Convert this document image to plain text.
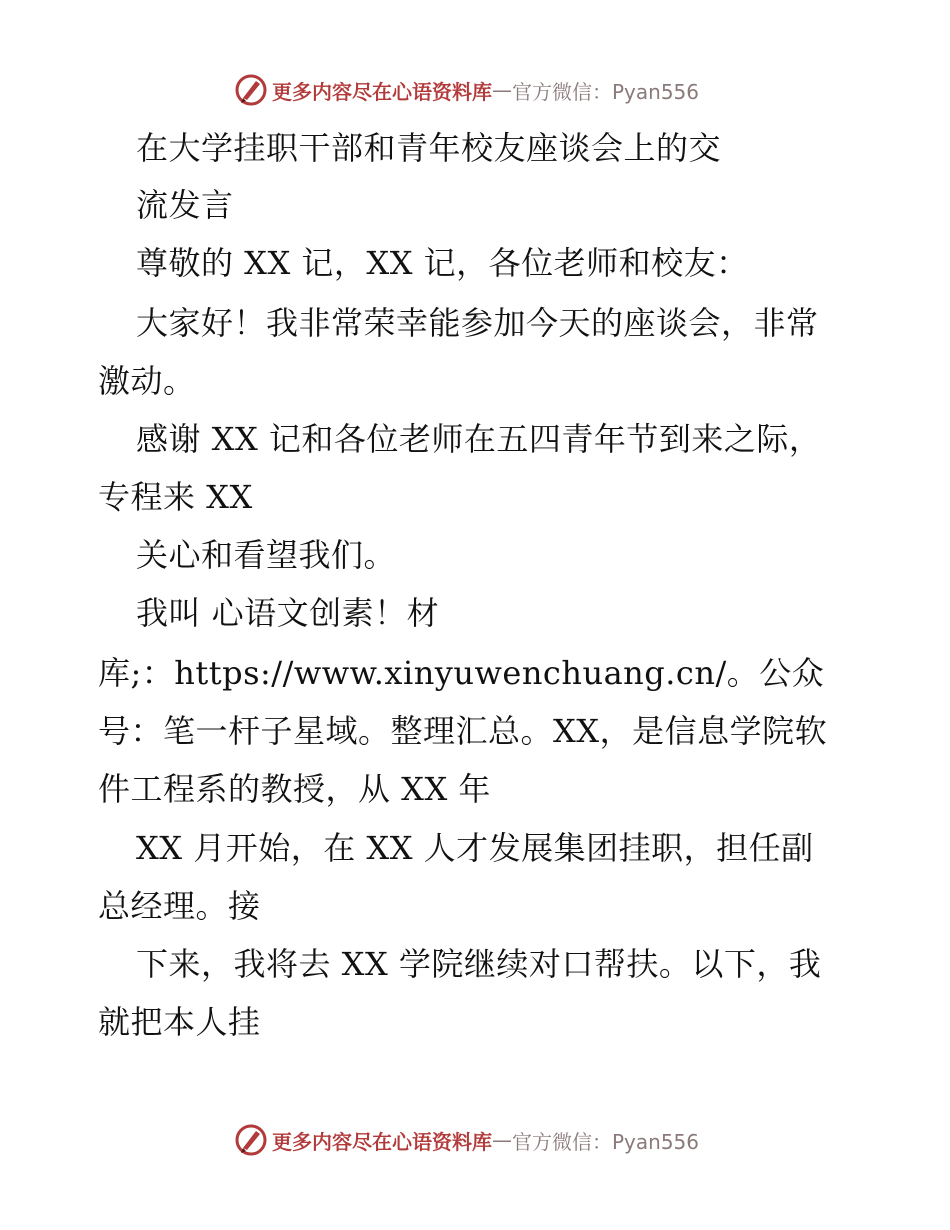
更多内容尽在心语资料库 — 官方微信：Pyan556
在大学挂职干部和青年校友座谈会上的交
流发言
尊敬的 XX 记，XX 记，各位老师和校友：
大家好！我非常荣幸能参加今天的座谈会，非常
激动。
感谢 XX 记和各位老师在五四青年节到来之际，
专程来 XX
关心和看望我们。
我叫 心语文创素！材
库;：https://www.xinyuwenchuang.cn/。公众
号：笔一杆子星域。整理汇总。XX，是信息学院软
件工程系的教授，从 XX 年
XX 月开始，在 XX 人才发展集团挂职，担任副
总经理。接
下来，我将去 XX 学院继续对口帮扶。以下，我
就把本人挂
更多内容尽在心语资料库 — 官方微信：Pyan556
